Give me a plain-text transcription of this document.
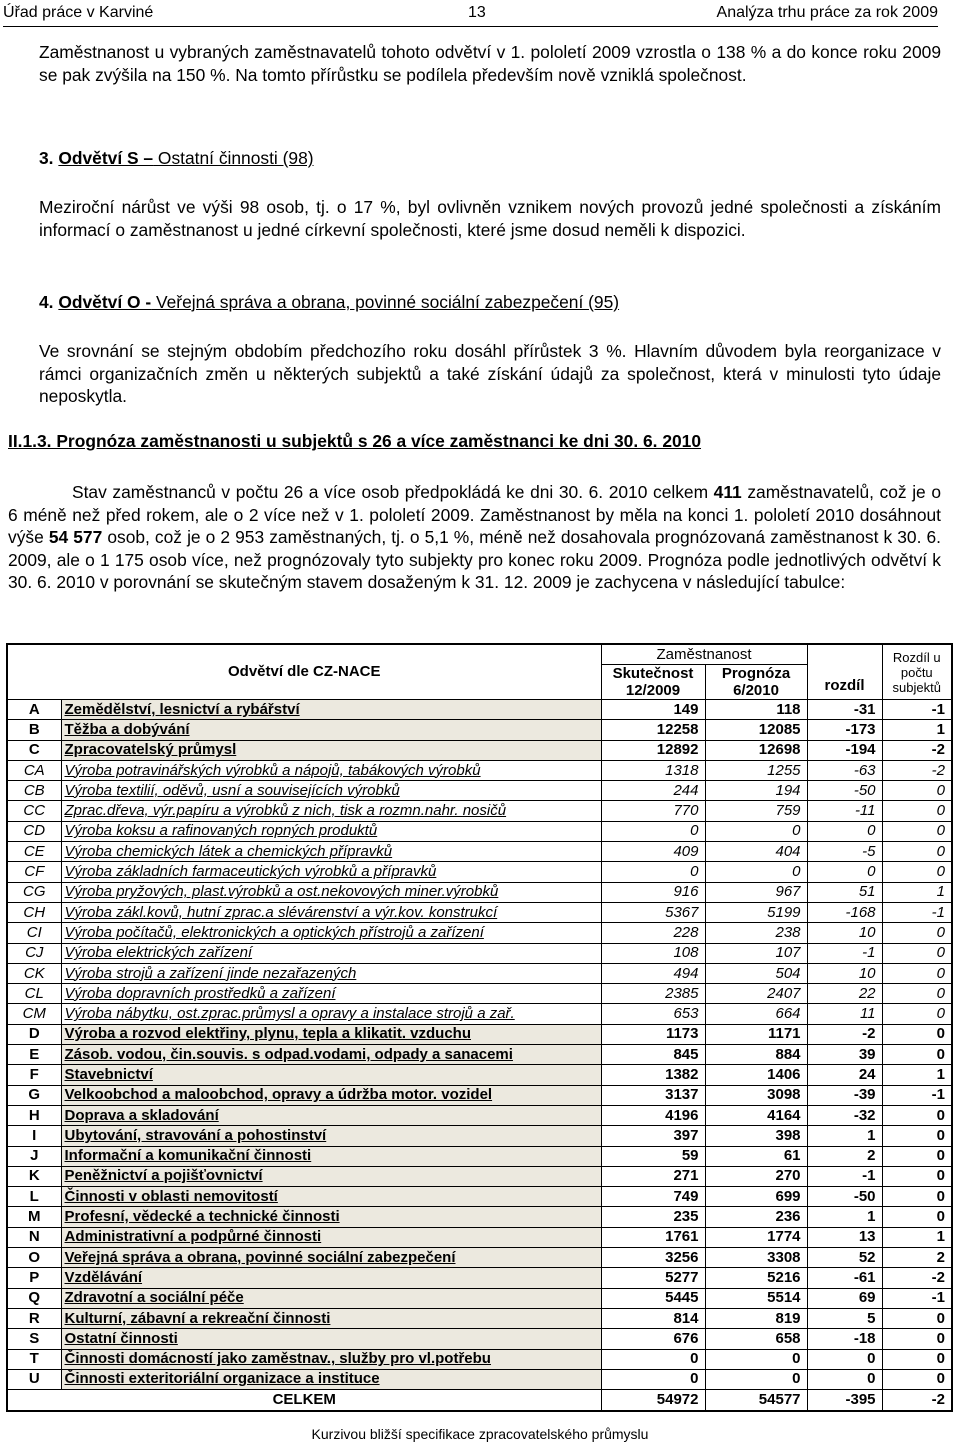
Úřad práce v Karviné	13	Analýza trhu práce za rok 2009

Zaměstnanost u vybraných zaměstnavatelů tohoto odvětví v 1. pololetí 2009 vzrostla o 138 % a do konce roku 2009 se pak zvýšila na 150 %. Na tomto přírůstku se podílela především nově vzniklá společnost.

3. Odvětví S – Ostatní činnosti (98)

Meziroční nárůst ve výši 98 osob, tj. o 17 %, byl ovlivněn vznikem nových provozů jedné společnosti a získáním informací o zaměstnanost u jedné církevní společnosti, které jsme dosud neměli k dispozici.

4. Odvětví O - Veřejná správa a obrana, povinné sociální zabezpečení (95)

Ve srovnání se stejným obdobím předchozího roku dosáhl přírůstek 3 %. Hlavním důvodem byla reorganizace v rámci organizačních změn u některých subjektů a také získání údajů za společnost, která v minulosti tyto údaje neposkytla.

II.1.3. Prognóza zaměstnanosti u subjektů s 26 a více zaměstnanci ke dni 30. 6. 2010

Stav zaměstnanců v počtu 26 a více osob předpokládá ke dni 30. 6. 2010 celkem 411 zaměstnavatelů, což je o 6 méně než před rokem, ale o 2 více než v 1. pololetí 2009. Zaměstnanost by měla na konci 1. pololetí 2010 dosáhnout výše 54 577 osob, což je o 2 953 zaměstnaných, tj. o 5,1 %, méně než dosahovala prognózovaná zaměstnanost k 30. 6. 2009, ale o 1 175 osob více, než prognózovaly tyto subjekty pro konec roku 2009. Prognóza podle jednotlivých odvětví k 30. 6. 2010 v porovnání se skutečným stavem dosaženým k 31. 12. 2009 je zachycena v následující tabulce:

Odvětví dle CZ-NACE		Zaměstnanost		rozdíl	Rozdíl u
počtu
subjektů
		Skutečnost
12/2009	Prognóza
6/2010		
A	Zemědělství, lesnictví a rybářství	149	118	-31	-1
B	Těžba a dobývání	12258	12085	-173	1
C	Zpracovatelský průmysl	12892	12698	-194	-2
CA	Výroba potravinářských výrobků a nápojů, tabákových výrobků	1318	1255	-63	-2
CB	Výroba textilií, oděvů, usní a souvisejících výrobků	244	194	-50	0
CC	Zprac.dřeva, výr.papíru a výrobků z nich, tisk a rozmn.nahr. nosičů	770	759	-11	0
CD	Výroba koksu a rafinovaných ropných produktů	0	0	0	0
CE	Výroba chemických látek a chemických přípravků	409	404	-5	0
CF	Výroba základních farmaceutických výrobků a přípravků	0	0	0	0
CG	Výroba pryžových, plast.výrobků a ost.nekovových miner.výrobků	916	967	51	1
CH	Výroba zákl.kovů, hutní zprac.a slévárenství a výr.kov. konstrukcí	5367	5199	-168	-1
CI	Výroba počítačů, elektronických a optických přístrojů a zařízení	228	238	10	0
CJ	Výroba elektrických zařízení	108	107	-1	0
CK	Výroba strojů a zařízení jinde nezařazených	494	504	10	0
CL	Výroba dopravních prostředků a zařízení	2385	2407	22	0
CM	Výroba nábytku, ost.zprac.průmysl a opravy a instalace strojů a zař.	653	664	11	0
D	Výroba a rozvod elektřiny, plynu, tepla a klikatit. vzduchu	1173	1171	-2	0
E	Zásob. vodou, čin.souvis. s odpad.vodami, odpady a sanacemi	845	884	39	0
F	Stavebnictví	1382	1406	24	1
G	Velkoobchod a maloobchod, opravy a údržba motor. vozidel	3137	3098	-39	-1
H	Doprava a skladování	4196	4164	-32	0
I	Ubytování, stravování a pohostinství	397	398	1	0
J	Informační a komunikační činnosti	59	61	2	0
K	Peněžnictví a pojišťovnictví	271	270	-1	0
L	Činnosti v oblasti nemovitostí	749	699	-50	0
M	Profesní, vědecké a technické činnosti	235	236	1	0
N	Administrativní a podpůrné činnosti	1761	1774	13	1
O	Veřejná správa a obrana, povinné sociální zabezpečení	3256	3308	52	2
P	Vzdělávání	5277	5216	-61	-2
Q	Zdravotní a sociální péče	5445	5514	69	-1
R	Kulturní, zábavní a rekreační činnosti	814	819	5	0
S	Ostatní činnosti	676	658	-18	0
T	Činnosti domácností jako zaměstnav., služby pro vl.potřebu	0	0	0	0
U	Činnosti exteritoriální organizace a instituce	0	0	0	0
CELKEM		54972	54577	-395	-2
Kurzivou bližší specifikace zpracovatelského průmyslu
